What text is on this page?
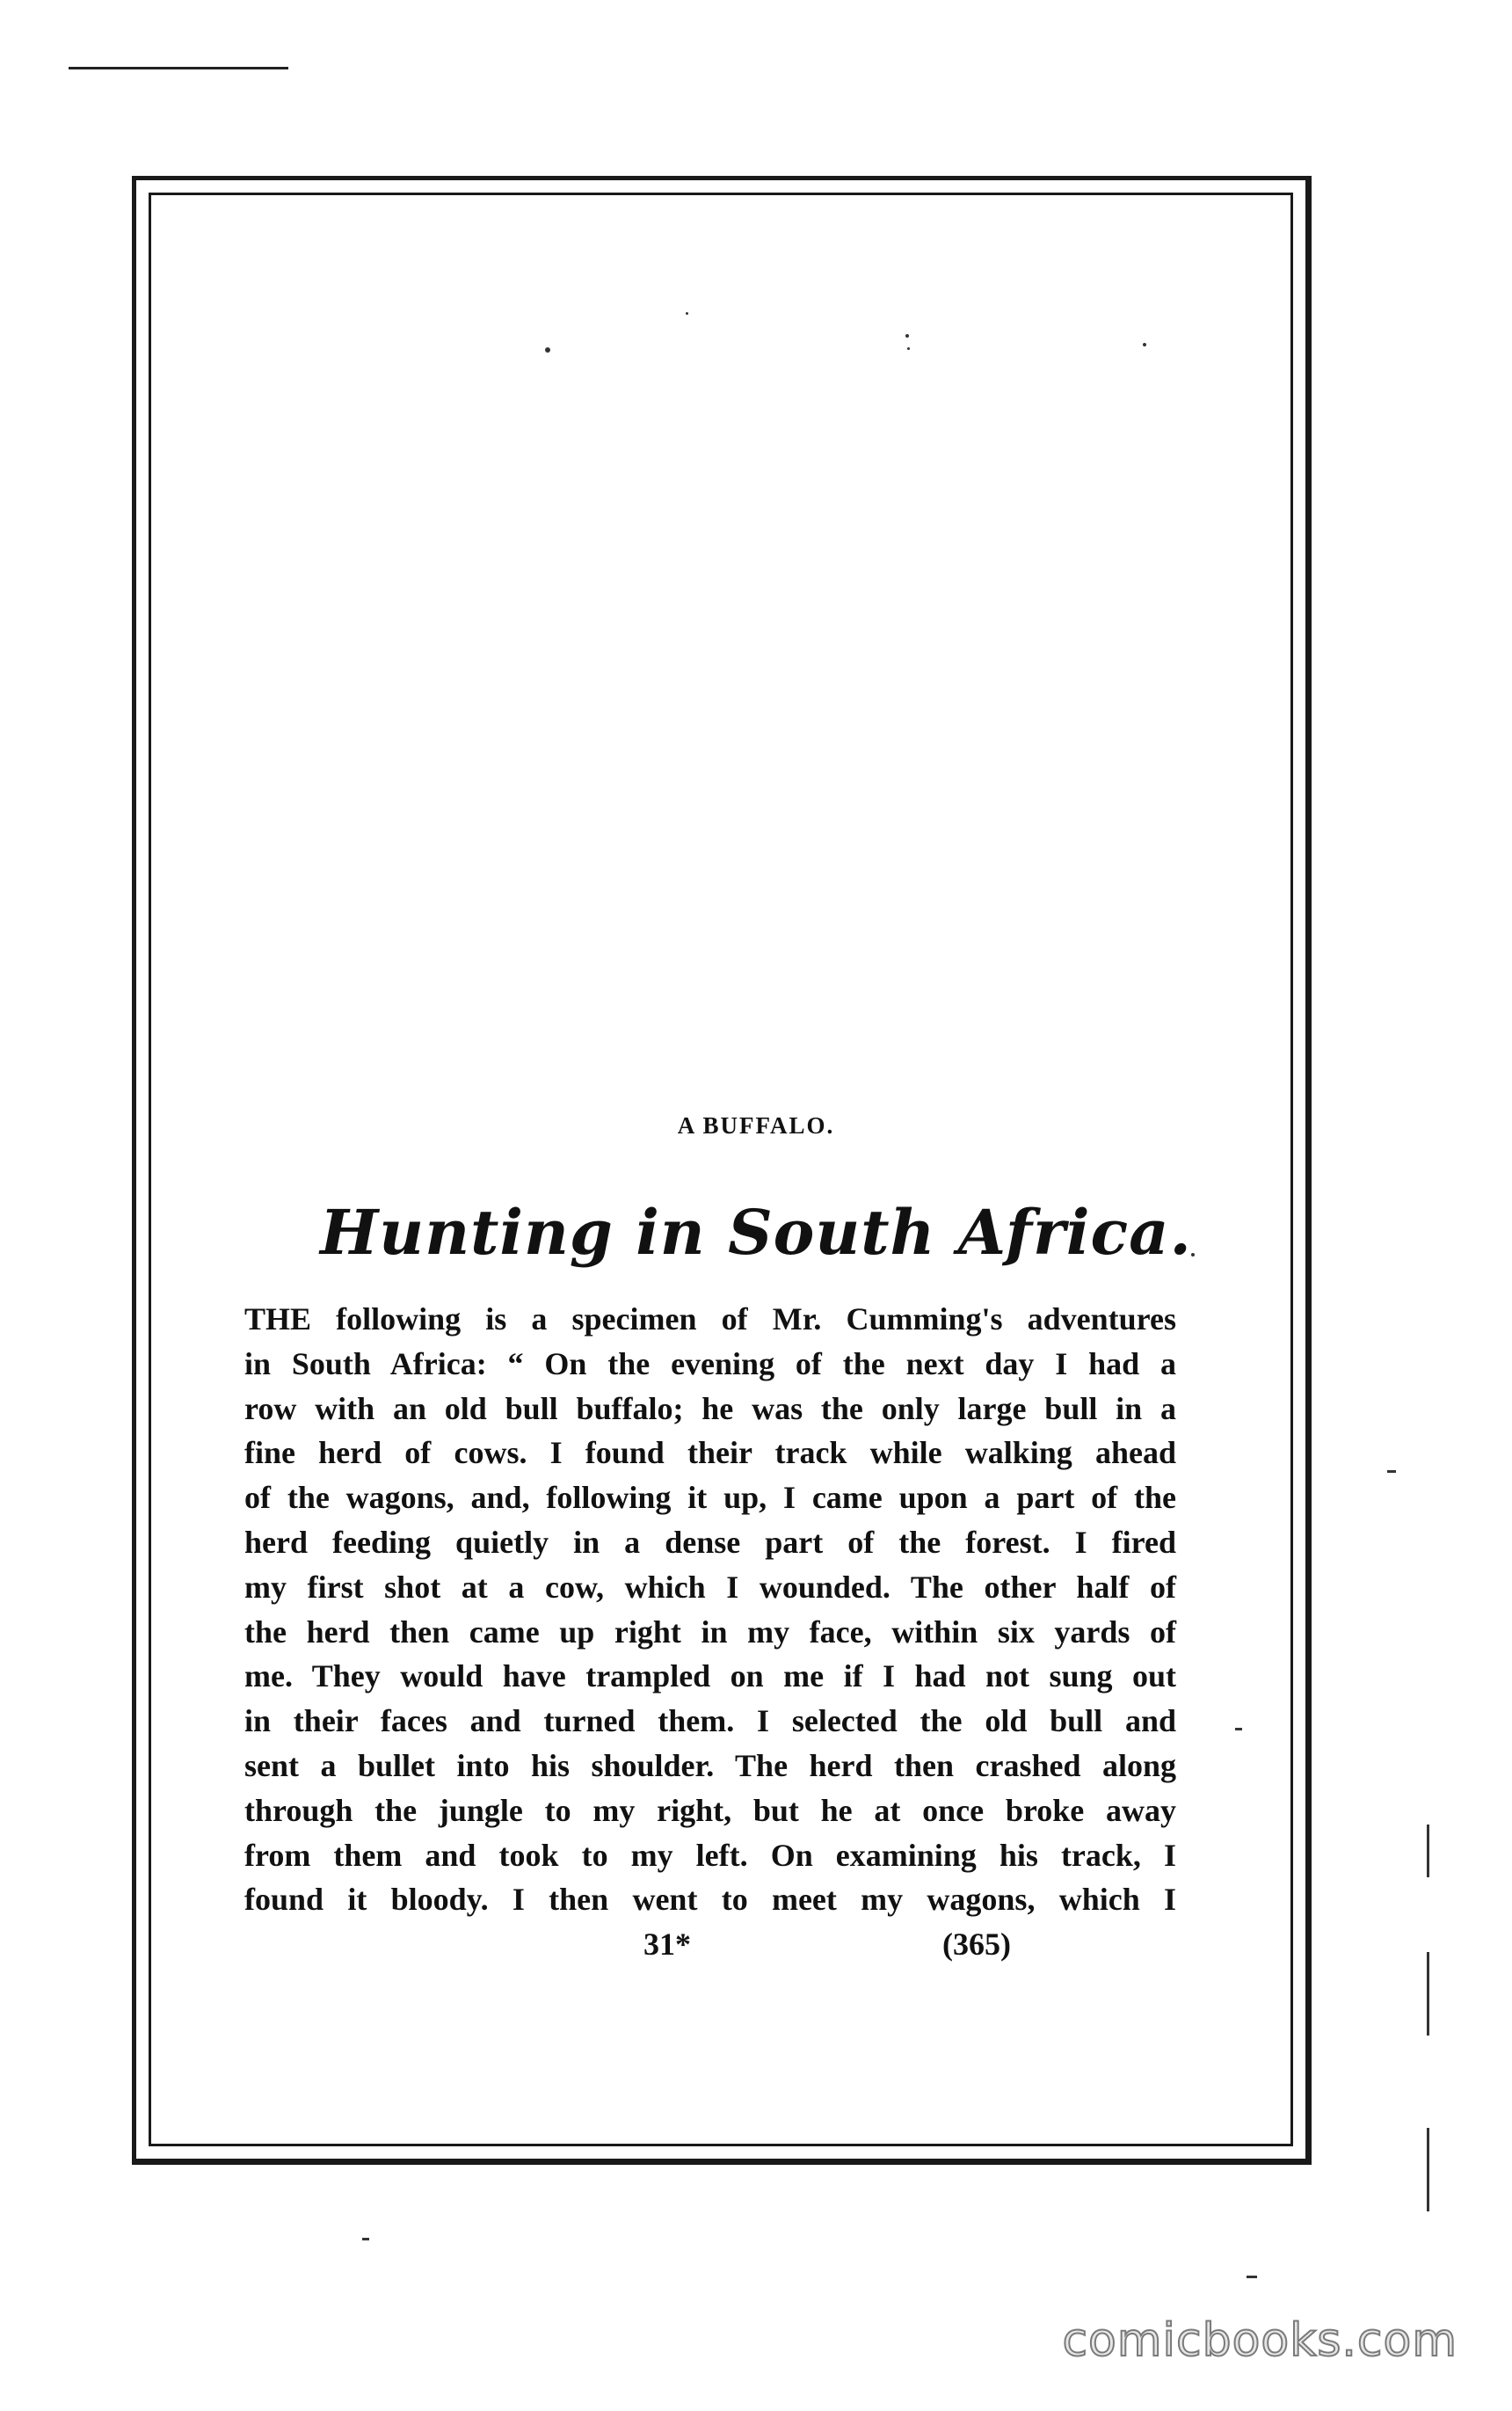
A BUFFALO.
Hunting in South Africa.
THE following is a specimen of Mr. Cumming's adventures
in South Africa: “ On the evening of the next day I had a
row with an old bull buffalo; he was the only large bull in a
fine herd of cows. I found their track while walking ahead
of the wagons, and, following it up, I came upon a part of the
herd feeding quietly in a dense part of the forest. I fired
my first shot at a cow, which I wounded. The other half of
the herd then came up right in my face, within six yards of
me. They would have trampled on me if I had not sung out
in their faces and turned them. I selected the old bull and
sent a bullet into his shoulder. The herd then crashed along
through the jungle to my right, but he at once broke away
from them and took to my left. On examining his track, I
found it bloody. I then went to meet my wagons, which I
31*	(365)
comicbooks.com
